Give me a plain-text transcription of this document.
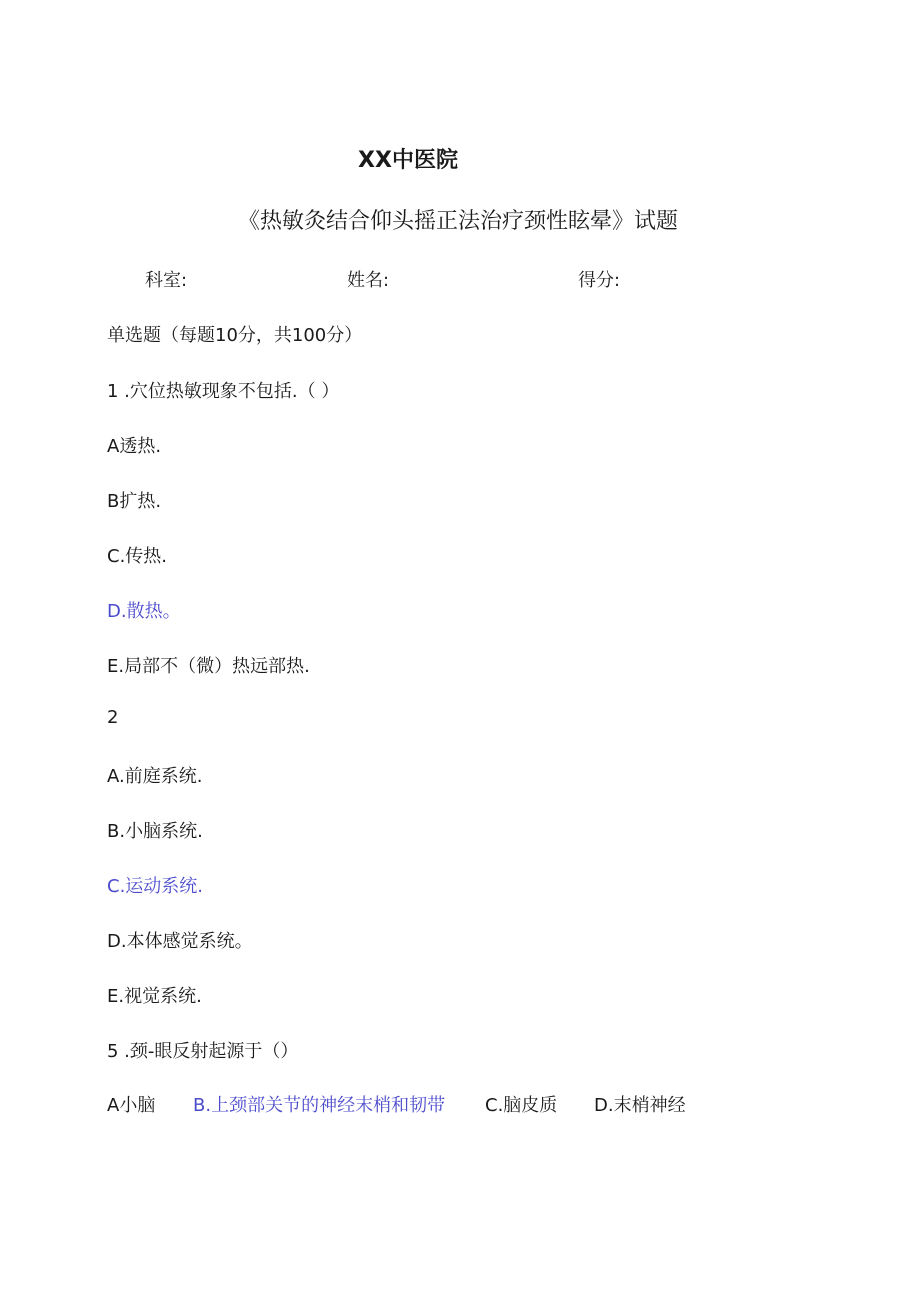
XX中医院
《热敏灸结合仰头摇正法治疗颈性眩晕》试题
科室:	姓名:	得分:
单选题（每题10分，共100分）
1 .穴位热敏现象不包括.（ ）
A透热.
B扩热.
C.传热.
D.散热。
E.局部不（微）热远部热.
2
A.前庭系统.
B.小脑系统.
C.运动系统.
D.本体感觉系统。
E.视觉系统.
5 .颈-眼反射起源于（）
A小脑 B.上颈部关节的神经末梢和韧带 C.脑皮质 D.末梢神经
